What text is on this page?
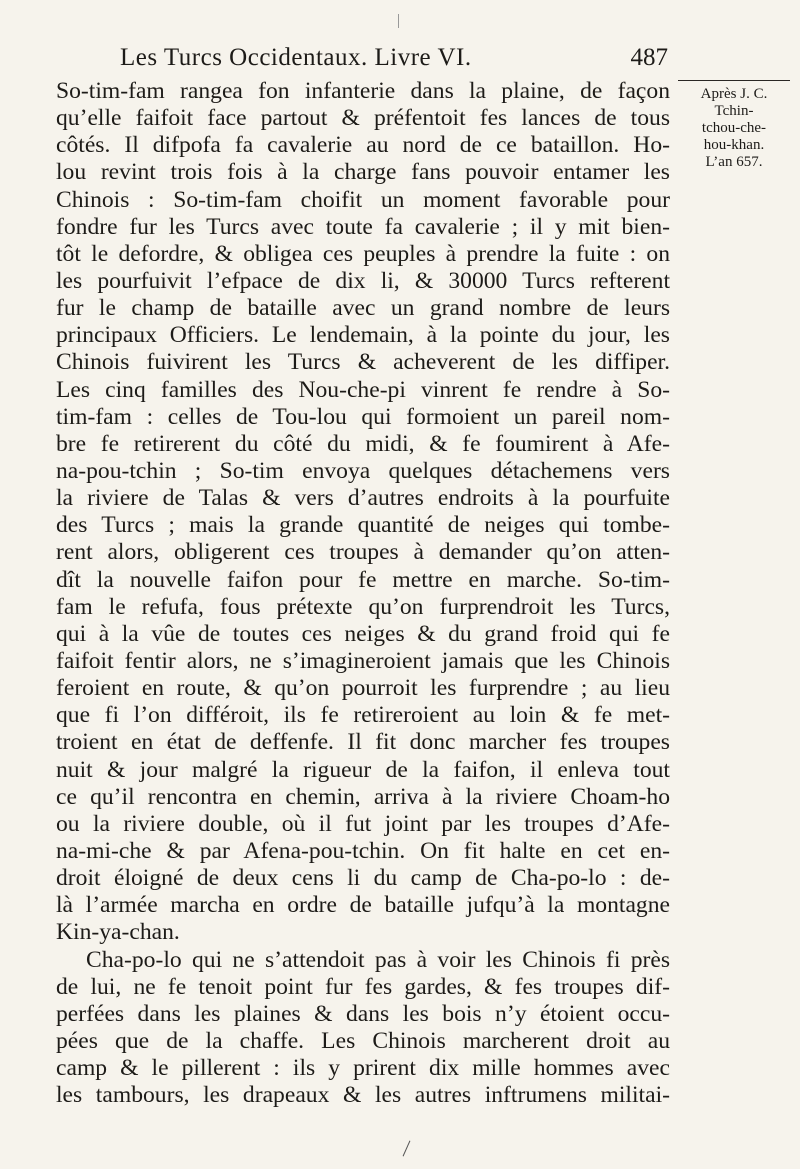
Les Turcs Occidentaux. Livre VI.	487
Après J. C.
Tchin-
tchou-che-
hou-khan.
L’an 657.
So-tim-fam rangea fon infanterie dans la plaine, de façon
qu’elle faifoit face partout & préfentoit fes lances de tous
côtés. Il difpofa fa cavalerie au nord de ce bataillon. Ho-
lou revint trois fois à la charge fans pouvoir entamer les
Chinois : So-tim-fam choifit un moment favorable pour
fondre fur les Turcs avec toute fa cavalerie ; il y mit bien-
tôt le defordre, & obligea ces peuples à prendre la fuite : on
les pourfuivit l’efpace de dix li, & 30000 Turcs refterent
fur le champ de bataille avec un grand nombre de leurs
principaux Officiers. Le lendemain, à la pointe du jour, les
Chinois fuivirent les Turcs & acheverent de les diffiper.
Les cinq familles des Nou-che-pi vinrent fe rendre à So-
tim-fam : celles de Tou-lou qui formoient un pareil nom-
bre fe retirerent du côté du midi, & fe foumirent à Afe-
na-pou-tchin ; So-tim envoya quelques détachemens vers
la riviere de Talas & vers d’autres endroits à la pourfuite
des Turcs ; mais la grande quantité de neiges qui tombe-
rent alors, obligerent ces troupes à demander qu’on atten-
dît la nouvelle faifon pour fe mettre en marche. So-tim-
fam le refufa, fous prétexte qu’on furprendroit les Turcs,
qui à la vûe de toutes ces neiges & du grand froid qui fe
faifoit fentir alors, ne s’imagineroient jamais que les Chinois
feroient en route, & qu’on pourroit les furprendre ; au lieu
que fi l’on différoit, ils fe retireroient au loin & fe met-
troient en état de deffenfe. Il fit donc marcher fes troupes
nuit & jour malgré la rigueur de la faifon, il enleva tout
ce qu’il rencontra en chemin, arriva à la riviere Choam-ho
ou la riviere double, où il fut joint par les troupes d’Afe-
na-mi-che & par Afena-pou-tchin. On fit halte en cet en-
droit éloigné de deux cens li du camp de Cha-po-lo : de-
là l’armée marcha en ordre de bataille jufqu’à la montagne
Kin-ya-chan.
Cha-po-lo qui ne s’attendoit pas à voir les Chinois fi près
de lui, ne fe tenoit point fur fes gardes, & fes troupes dif-
perfées dans les plaines & dans les bois n’y étoient occu-
pées que de la chaffe. Les Chinois marcherent droit au
camp & le pillerent : ils y prirent dix mille hommes avec
les tambours, les drapeaux & les autres inftrumens militai-
